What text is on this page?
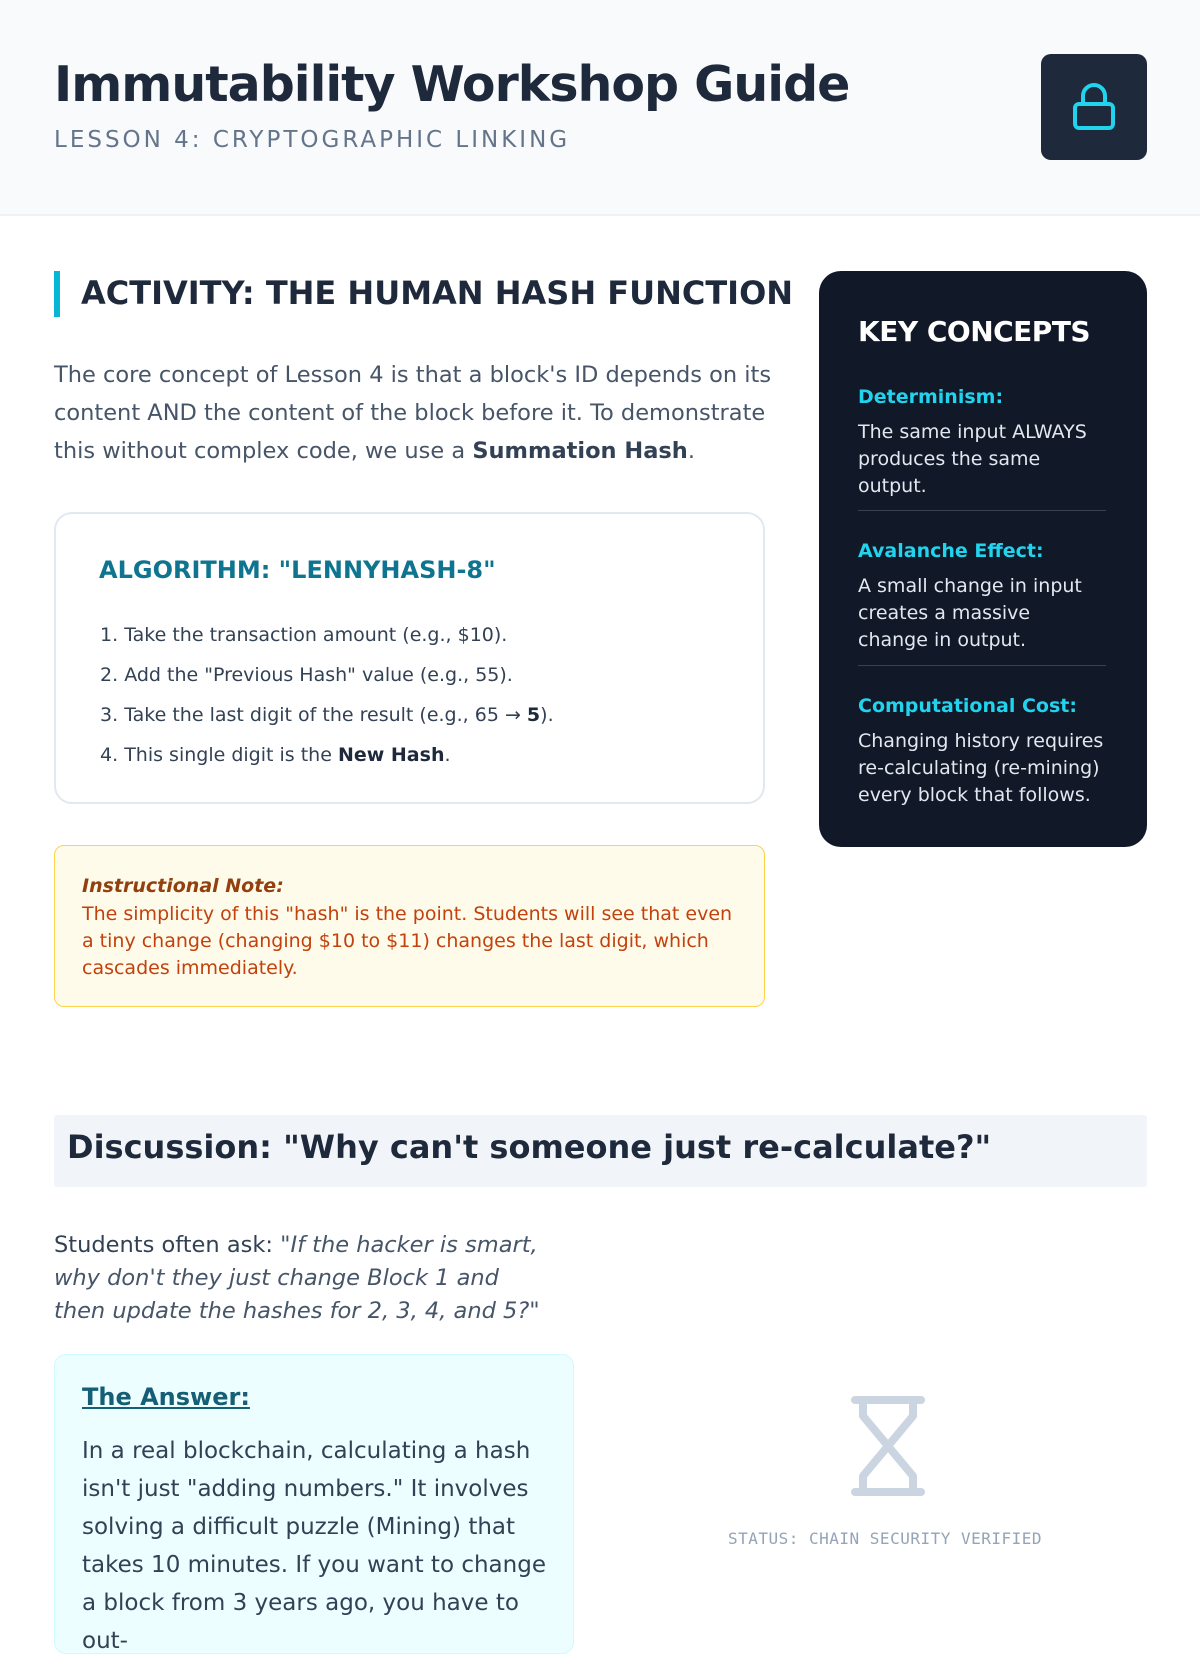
Immutability Workshop Guide
LESSON 4: CRYPTOGRAPHIC LINKING
ACTIVITY: THE HUMAN HASH FUNCTION

The core concept of Lesson 4 is that a block's ID depends on its content AND the content of the block before it. To demonstrate this without complex code, we use a Summation Hash.

ALGORITHM: "LENNYHASH-8"
1. Take the transaction amount (e.g., $10).
2. Add the "Previous Hash" value (e.g., 55).
3. Take the last digit of the result (e.g., 65 → 5).
4. This single digit is the New Hash.
Instructional Note:
The simplicity of this "hash" is the point. Students will see that even a tiny change (changing $10 to $11) changes the last digit, which cascades immediately.
KEY CONCEPTS
Determinism:
The same input ALWAYS produces the same output.
Avalanche Effect:
A small change in input creates a massive change in output.
Computational Cost:
Changing history requires re-calculating (re-mining) every block that follows.
Discussion: "Why can't someone just re-calculate?"

Students often ask: "If the hacker is smart, why don't they just change Block 1 and then update the hashes for 2, 3, 4, and 5?"

The Answer:
In a real blockchain, calculating a hash isn't just "adding numbers." It involves solving a difficult puzzle (Mining) that takes 10 minutes. If you want to change a block from 3 years ago, you have to out-
STATUS: CHAIN SECURITY VERIFIED
